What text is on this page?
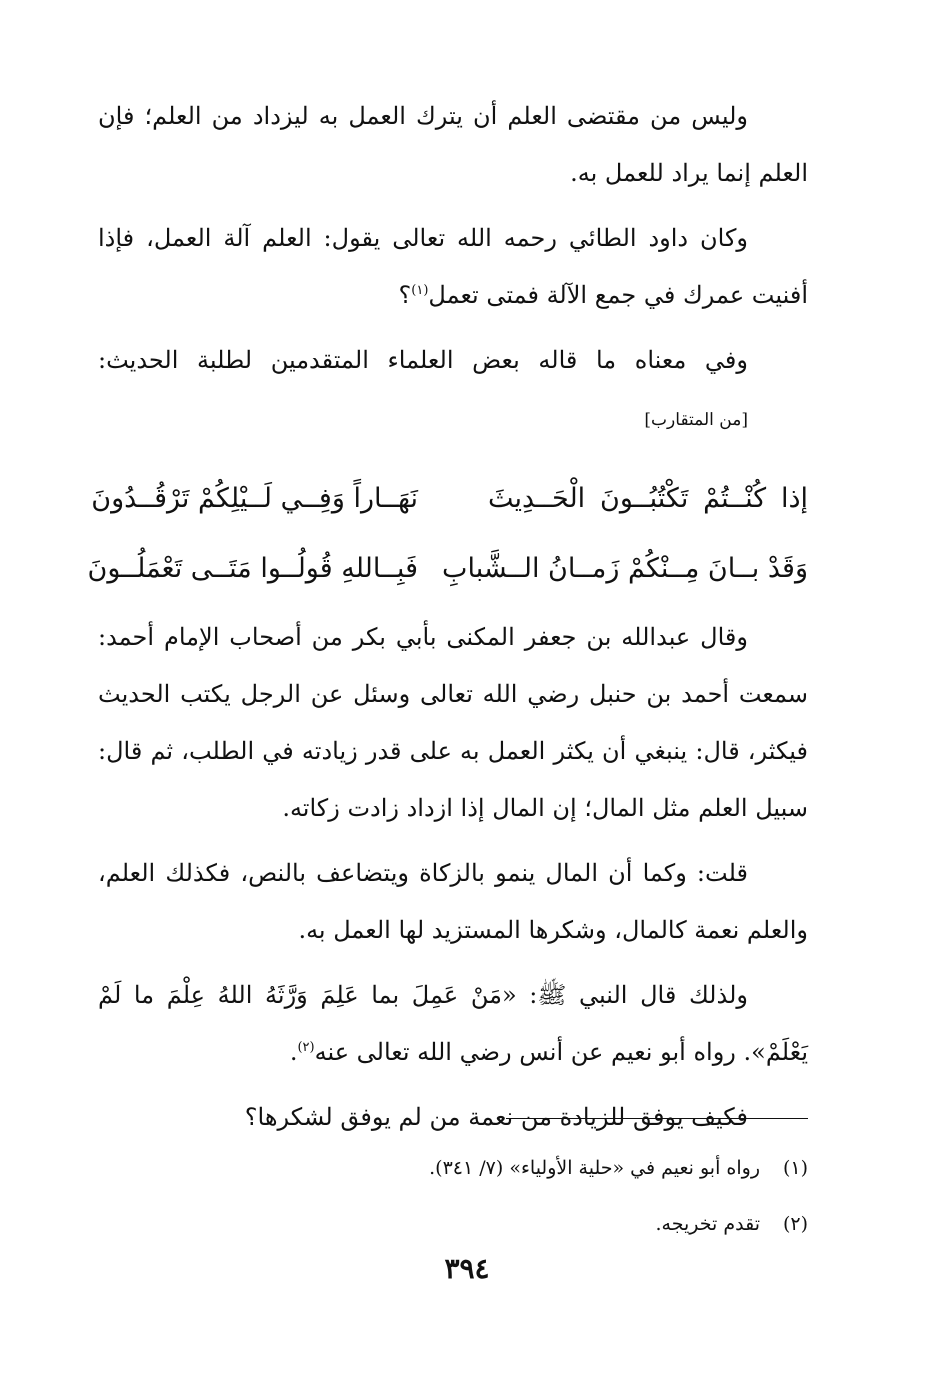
وليس من مقتضى العلم أن يترك العمل به ليزداد من العلم؛ فإن العلم إنما يراد للعمل به.

وكان داود الطائي رحمه الله تعالى يقول: العلم آلة العمل، فإذا أفنيت عمرك في جمع الآلة فمتى تعمل$^{(١)}$؟

وفي معناه ما قاله بعض العلماء المتقدمين لطلبة الحديث: [من المتقارب]

إذا كُنْــتُمْ تَكْتُبُــونَ الْحَــدِيثَ
نَهَــاراً وَفِــي لَــيْلِكُمْ تَرْقُــدُونَ
وَقَدْ بــانَ مِــنْكُمْ زَمــانُ الــشَّبابِ
فَبِــاللهِ قُولُــوا مَتَــى تَعْمَلُــونَ

وقال عبدالله بن جعفر المكنى بأبي بكر من أصحاب الإمام أحمد: سمعت أحمد بن حنبل رضي الله تعالى وسئل عن الرجل يكتب الحديث فيكثر، قال: ينبغي أن يكثر العمل به على قدر زيادته في الطلب، ثم قال: سبيل العلم مثل المال؛ إن المال إذا ازداد زادت زكاته.

قلت: وكما أن المال ينمو بالزكاة ويتضاعف بالنص، فكذلك العلم، والعلم نعمة كالمال، وشكرها المستزيد لها العمل به.

ولذلك قال النبي ﷺ: «مَنْ عَمِلَ بما عَلِمَ وَرَّثَهُ اللهُ عِلْمَ ما لَمْ يَعْلَمْ». رواه أبو نعيم عن أنس رضي الله تعالى عنه$^{(٢)}$.

فكيف يوفق للزيادة من نعمة من لم يوفق لشكرها؟

(١)
رواه أبو نعيم في «حلية الأولياء» (٧/ ٣٤١).
(٢)
تقدم تخريجه.
٣٩٤
